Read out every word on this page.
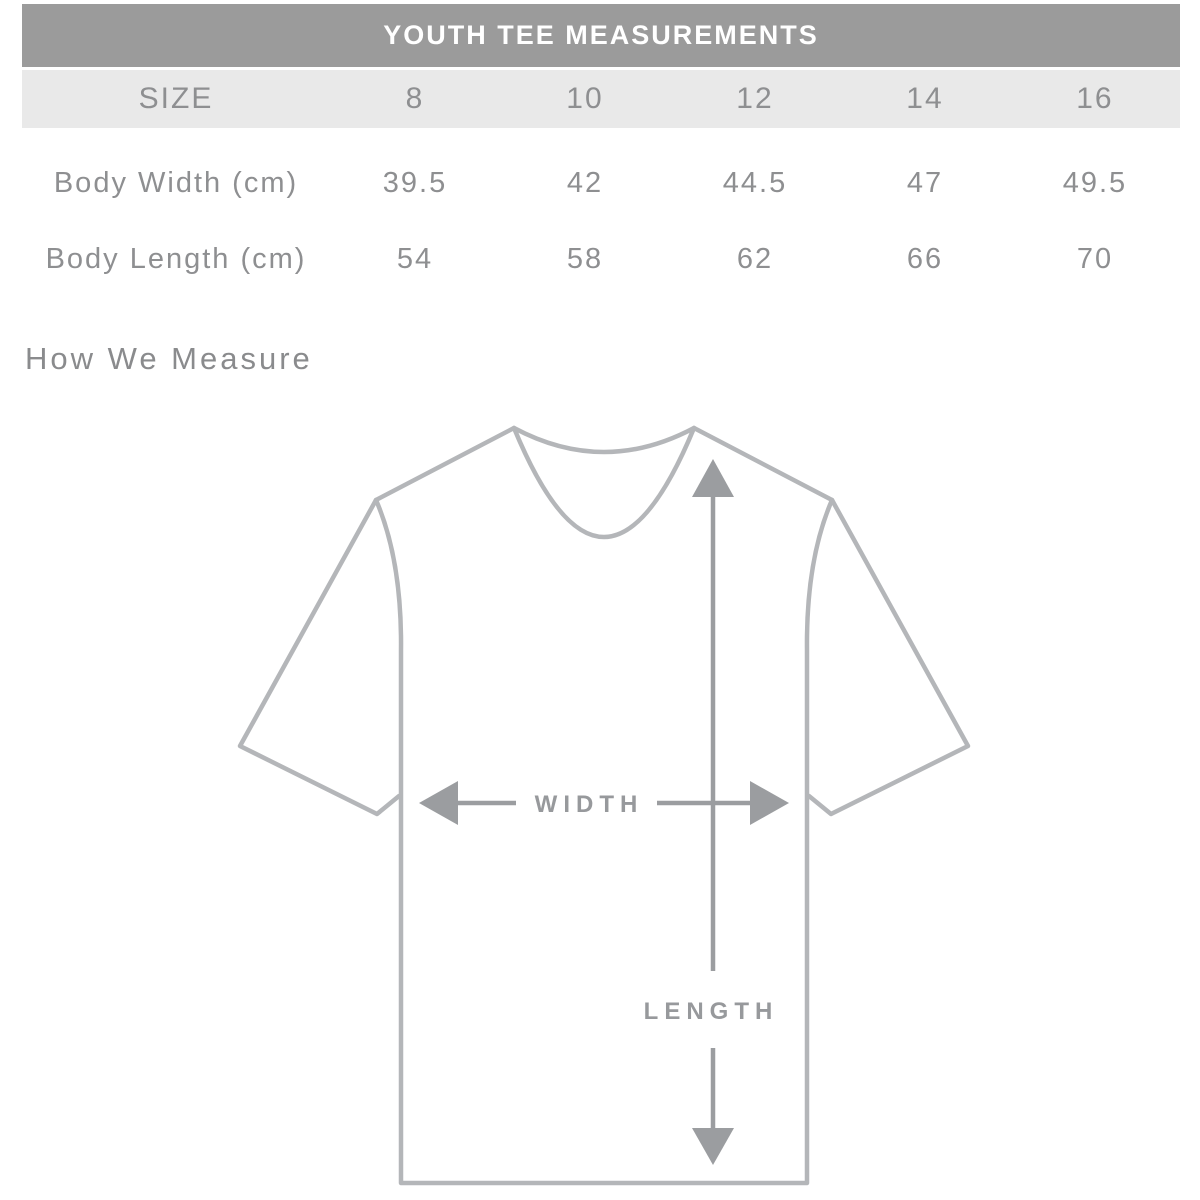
YOUTH TEE MEASUREMENTS
SIZE	8	10	12	14	16
Body Width (cm)	39.5	42	44.5	47	49.5
Body Length (cm)	54	58	62	66	70
How We Measure
WIDTH
LENGTH
